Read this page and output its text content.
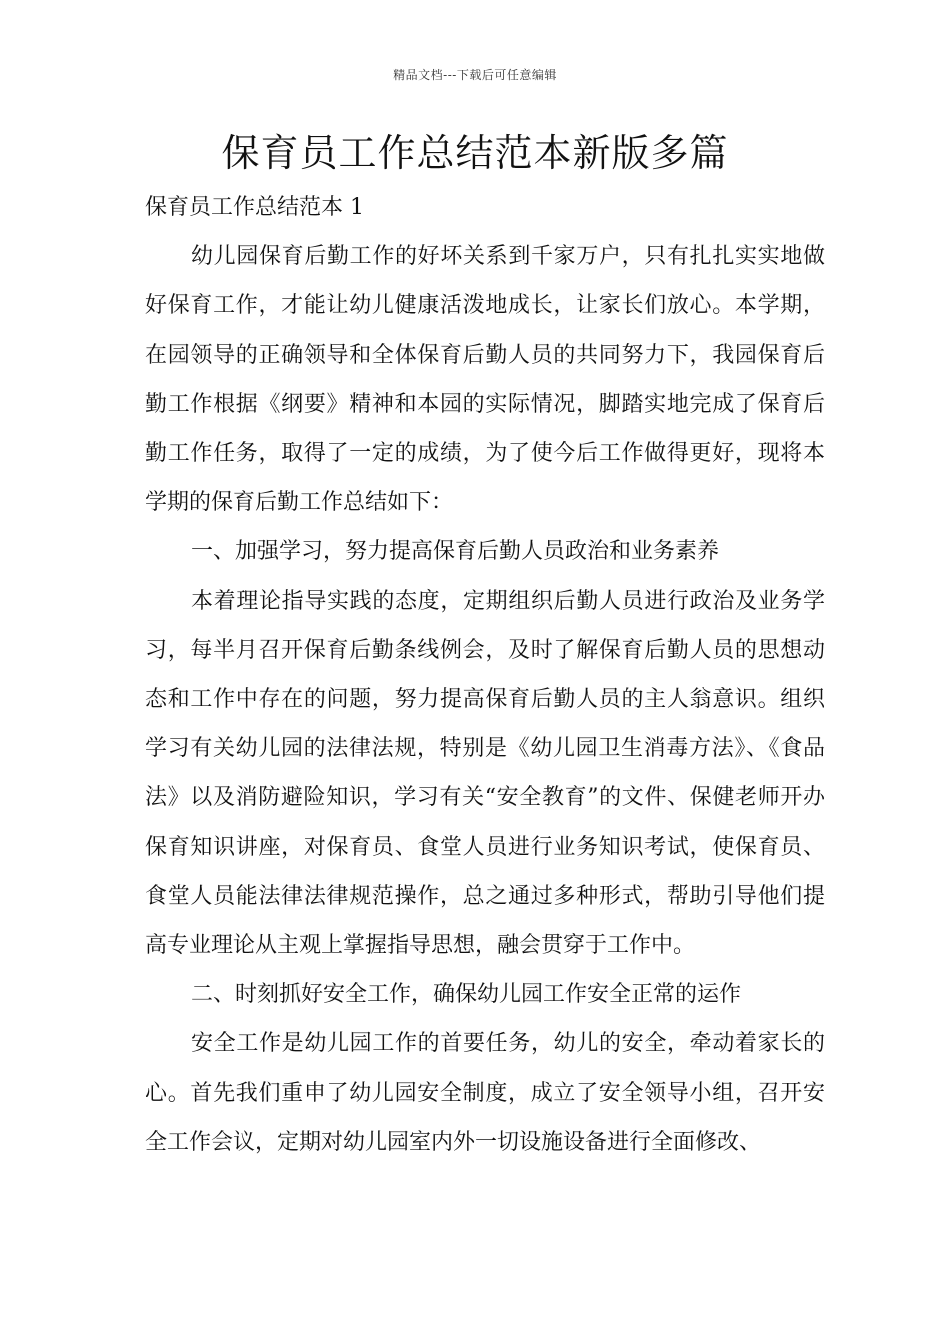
精品文档---下载后可任意编辑
保育员工作总结范本新版多篇

保育员工作总结范本 1

幼儿园保育后勤工作的好坏关系到千家万户，只有扎扎实实地做好保育工作，才能让幼儿健康活泼地成长，让家长们放心。本学期，在园领导的正确领导和全体保育后勤人员的共同努力下，我园保育后勤工作根据《纲要》精神和本园的实际情况，脚踏实地完成了保育后勤工作任务，取得了一定的成绩，为了使今后工作做得更好，现将本学期的保育后勤工作总结如下：

一、加强学习，努力提高保育后勤人员政治和业务素养

本着理论指导实践的态度，定期组织后勤人员进行政治及业务学习，每半月召开保育后勤条线例会，及时了解保育后勤人员的思想动态和工作中存在的问题，努力提高保育后勤人员的主人翁意识。组织学习有关幼儿园的法律法规，特别是《幼儿园卫生消毒方法》、《食品法》以及消防避险知识，学习有关“安全教育”的文件、保健老师开办保育知识讲座，对保育员、食堂人员进行业务知识考试，使保育员、食堂人员能法律法律规范操作，总之通过多种形式，帮助引导他们提高专业理论从主观上掌握指导思想，融会贯穿于工作中。

二、时刻抓好安全工作，确保幼儿园工作安全正常的运作

安全工作是幼儿园工作的首要任务，幼儿的安全，牵动着家长的心。首先我们重申了幼儿园安全制度，成立了安全领导小组，召开安全工作会议，定期对幼儿园室内外一切设施设备进行全面修改、
